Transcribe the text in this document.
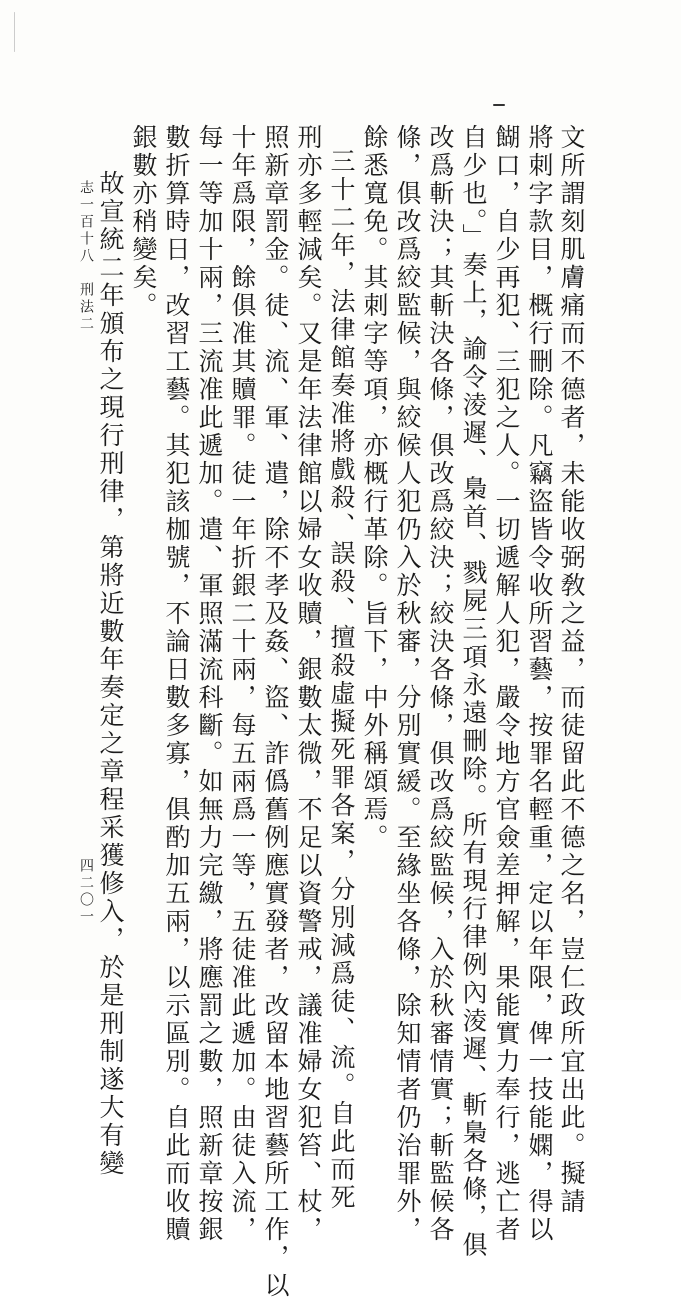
文所謂刻肌膚痛而不德者，未能收弼敎之益，而徒留此不德之名，豈仁政所宜出此。擬請
將刺字款目，概行刪除。凡竊盜皆令收所習藝，按罪名輕重，定以年限，俾一技能嫻，得以
餬口，自少再犯、三犯之人。一切遞解人犯，嚴令地方官僉差押解，果能實力奉行，逃亡者
自少也。」奏上，諭令淩遲、梟首、戮屍三項永遠刪除。所有現行律例內淩遲、斬梟各條，俱
改爲斬決；其斬決各條，俱改爲絞決；絞決各條，俱改爲絞監候，入於秋審情實；斬監候各
條，俱改爲絞監候，與絞候人犯仍入於秋審，分別實緩。至緣坐各條，除知情者仍治罪外，
餘悉寬免。其刺字等項，亦概行革除。旨下，中外稱頌焉。
三十二年，法律館奏准將戲殺、誤殺、擅殺虛擬死罪各案，分別減爲徒、流。自此而死
刑亦多輕減矣。又是年法律館以婦女收贖，銀數太微，不足以資警戒，議准婦女犯笞、杖，
照新章罰金。徒、流、軍、遣，除不孝及姦、盜、詐僞舊例應實發者，改留本地習藝所工作，以
十年爲限，餘俱准其贖罪。徒一年折銀二十兩，每五兩爲一等，五徒准此遞加。由徒入流，
每一等加十兩，三流准此遞加。遣、軍照滿流科斷。如無力完繳，將應罰之數，照新章按銀
數折算時日，改習工藝。其犯該枷號，不論日數多寡，俱酌加五兩，以示區別。自此而收贖
銀數亦稍變矣。
故宣統二年頒布之現行刑律，第將近數年奏定之章程采獲修入，於是刑制遂大有變
志一百十八　刑法二
四二〇一
